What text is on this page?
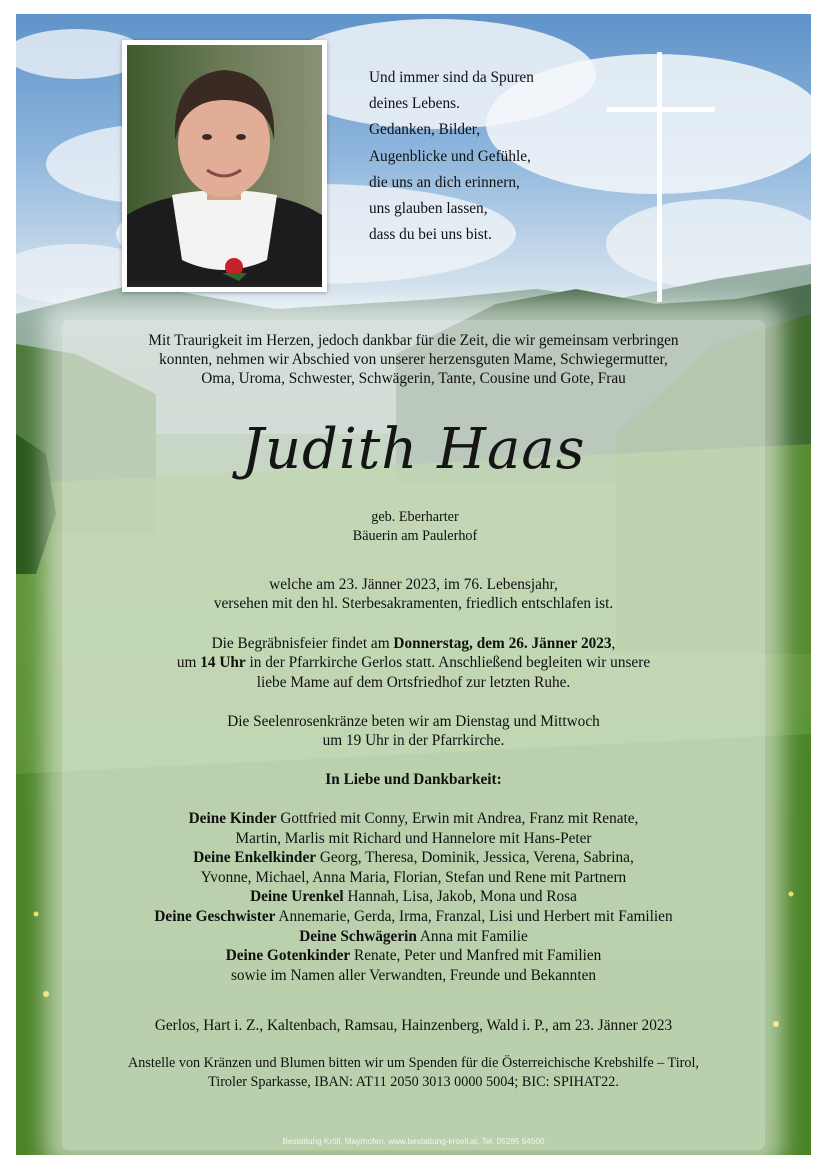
Und immer sind da Spuren
deines Lebens.
Gedanken, Bilder,
Augenblicke und Gefühle,
die uns an dich erinnern,
uns glauben lassen,
dass du bei uns bist.
Mit Traurigkeit im Herzen, jedoch dankbar für die Zeit, die wir gemeinsam verbringen
konnten, nehmen wir Abschied von unserer herzensguten Mame, Schwiegermutter,
Oma, Uroma, Schwester, Schwägerin, Tante, Cousine und Gote, Frau
Judith Haas
geb. Eberharter
Bäuerin am Paulerhof
welche am 23. Jänner 2023, im 76. Lebensjahr,
versehen mit den hl. Sterbesakramenten, friedlich entschlafen ist.
Die Begräbnisfeier findet am Donnerstag, dem 26. Jänner 2023,
um 14 Uhr in der Pfarrkirche Gerlos statt. Anschließend begleiten wir unsere
liebe Mame auf dem Ortsfriedhof zur letzten Ruhe.
Die Seelenrosenkränze beten wir am Dienstag und Mittwoch
um 19 Uhr in der Pfarrkirche.
In Liebe und Dankbarkeit:
Deine Kinder Gottfried mit Conny, Erwin mit Andrea, Franz mit Renate,
Martin, Marlis mit Richard und Hannelore mit Hans-Peter
Deine Enkelkinder Georg, Theresa, Dominik, Jessica, Verena, Sabrina,
Yvonne, Michael, Anna Maria, Florian, Stefan und Rene mit Partnern
Deine Urenkel Hannah, Lisa, Jakob, Mona und Rosa
Deine Geschwister Annemarie, Gerda, Irma, Franzal, Lisi und Herbert mit Familien
Deine Schwägerin Anna mit Familie
Deine Gotenkinder Renate, Peter und Manfred mit Familien
sowie im Namen aller Verwandten, Freunde und Bekannten
Gerlos, Hart i. Z., Kaltenbach, Ramsau, Hainzenberg, Wald i. P., am 23. Jänner 2023
Anstelle von Kränzen und Blumen bitten wir um Spenden für die Österreichische Krebshilfe – Tirol,
Tiroler Sparkasse, IBAN: AT11 2050 3013 0000 5004; BIC: SPIHAT22.
Bestattung Kröll, Mayrhofen, www.bestattung-kroell.at, Tel. 05285 64500
